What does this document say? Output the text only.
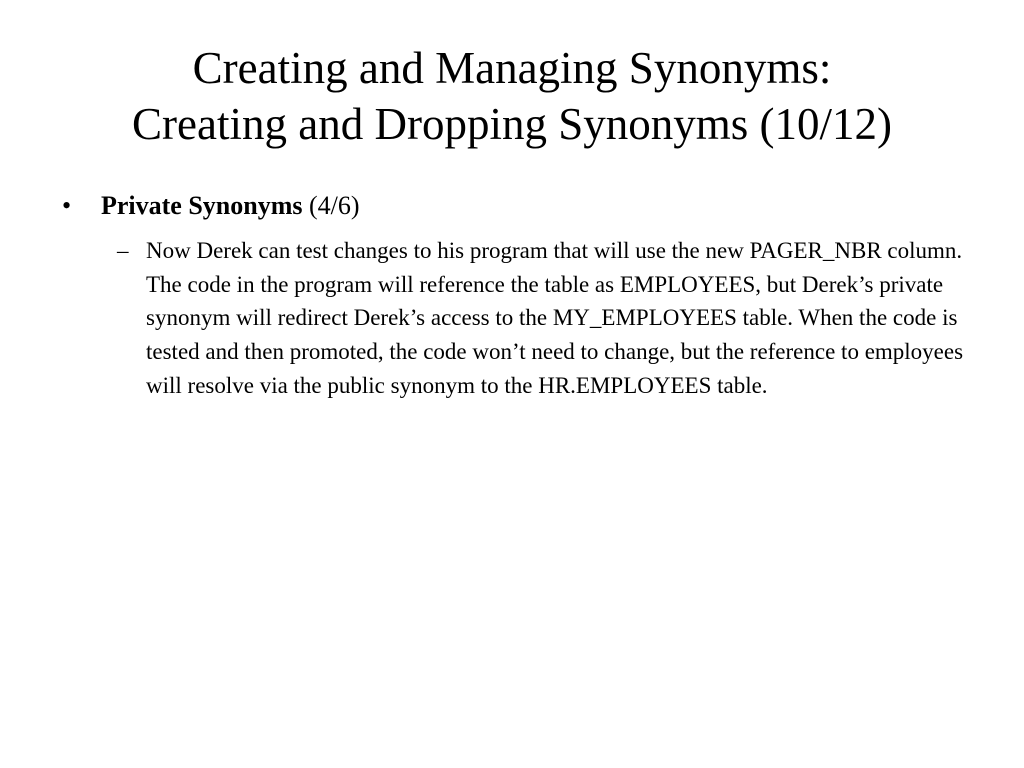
Creating and Managing Synonyms:
Creating and Dropping Synonyms (10/12)
• Private Synonyms (4/6)
– Now Derek can test changes to his program that will use the new PAGER_NBR column. The code in the program will reference the table as EMPLOYEES, but Derek’s private synonym will redirect Derek’s access to the MY_EMPLOYEES table. When the code is tested and then promoted, the code won’t need to change, but the reference to employees will resolve via the public synonym to the HR.EMPLOYEES table.
